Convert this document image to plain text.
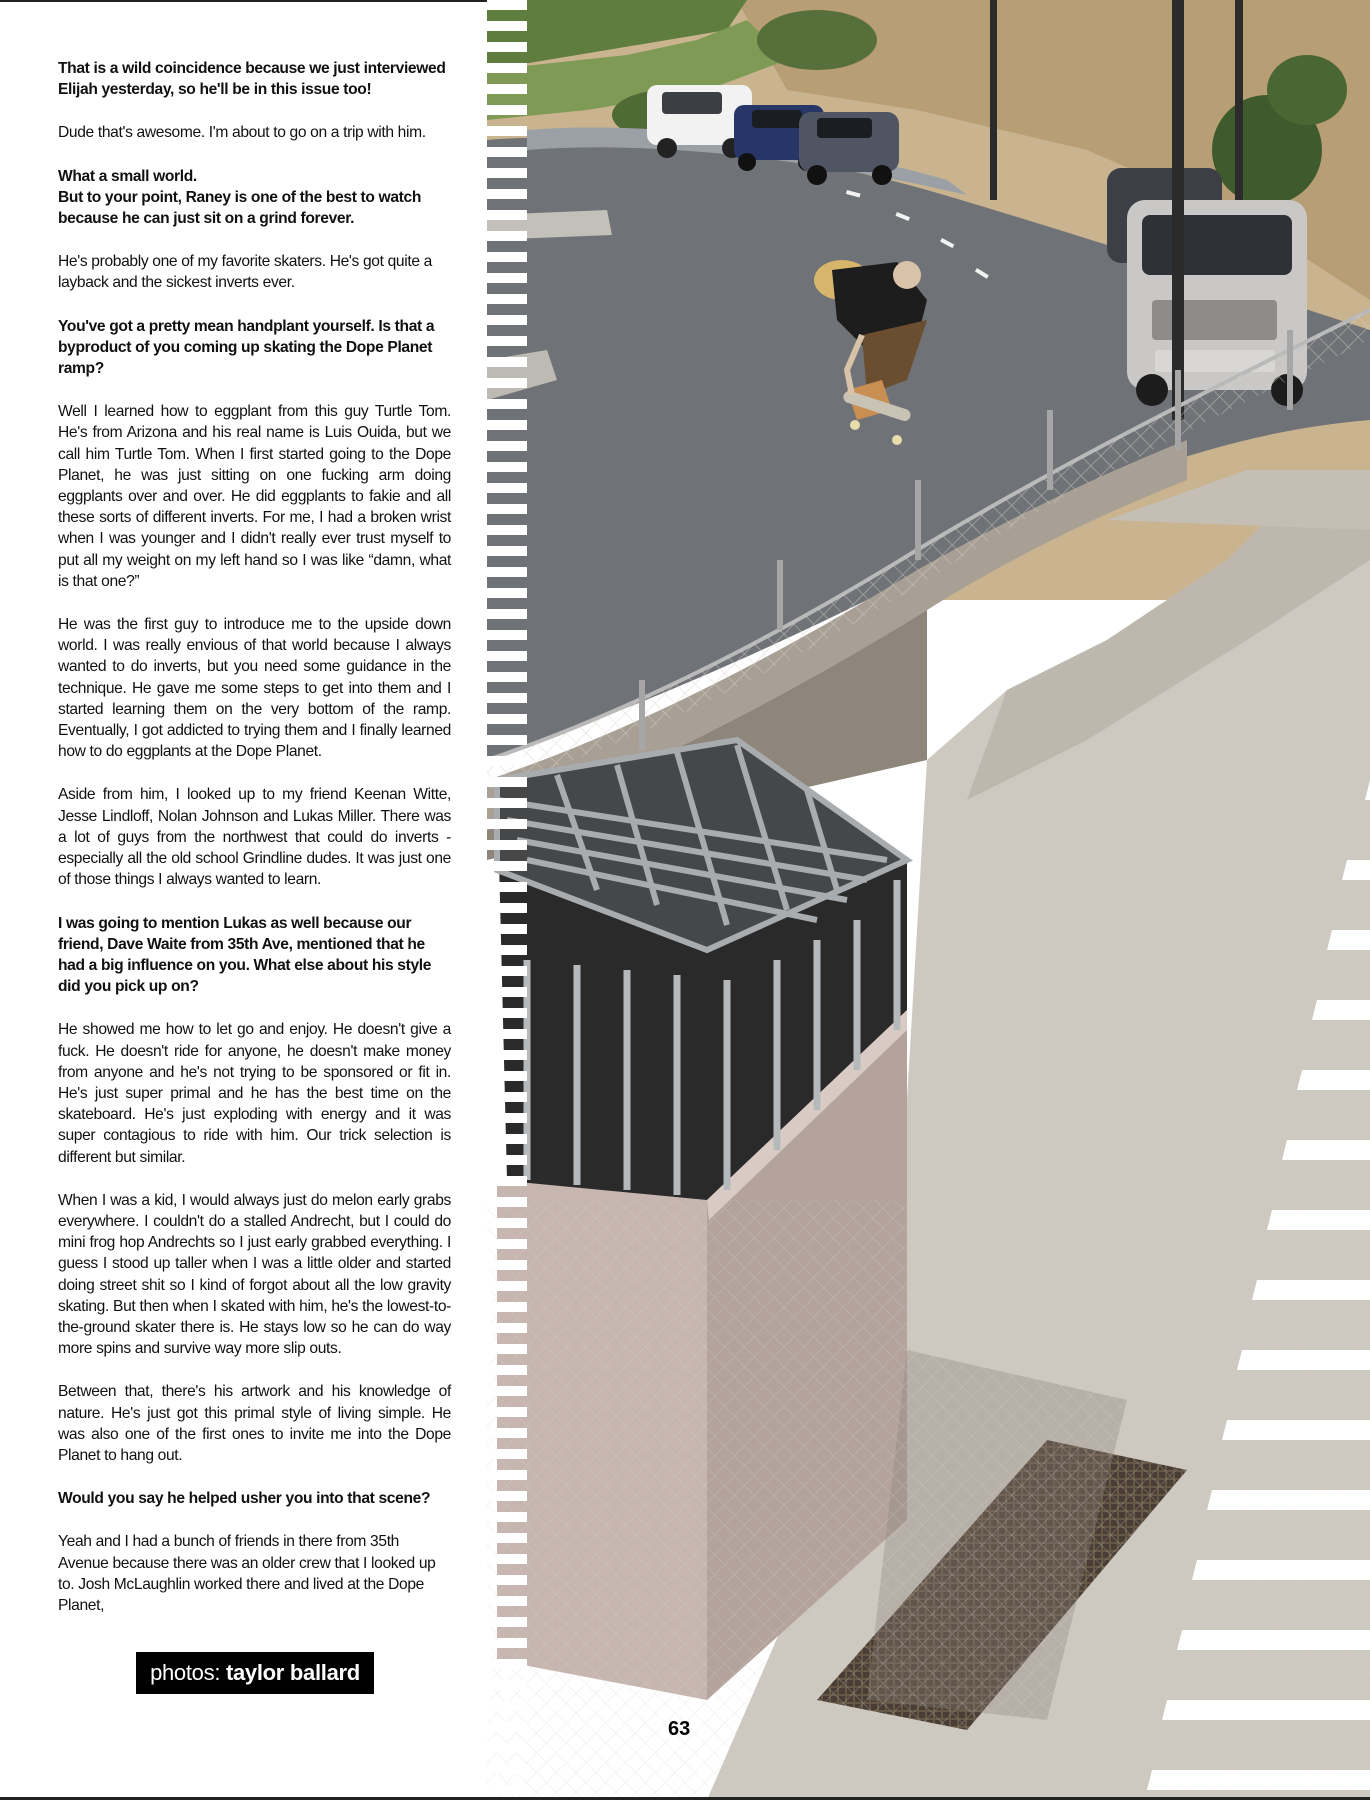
That is a wild coincidence because we just interviewed Elijah yesterday, so he'll be in this issue too!

Dude that's awesome. I'm about to go on a trip with him.

What a small world.
But to your point, Raney is one of the best to watch because he can just sit on a grind forever.

He's probably one of my favorite skaters. He's got quite a layback and the sickest inverts ever.

You've got a pretty mean handplant yourself. Is that a byproduct of you coming up skating the Dope Planet ramp?

Well I learned how to eggplant from this guy Turtle Tom. He's from Arizona and his real name is Luis Ouida, but we call him Turtle Tom. When I first started going to the Dope Planet, he was just sitting on one fucking arm doing eggplants over and over. He did eggplants to fakie and all these sorts of different inverts. For me, I had a broken wrist when I was younger and I didn't really ever trust myself to put all my weight on my left hand so I was like “damn, what is that one?”

He was the first guy to introduce me to the upside down world. I was really envious of that world because I always wanted to do inverts, but you need some guidance in the technique. He gave me some steps to get into them and I started learning them on the very bottom of the ramp. Eventually, I got addicted to trying them and I finally learned how to do eggplants at the Dope Planet.

Aside from him, I looked up to my friend Keenan Witte, Jesse Lindloff, Nolan Johnson and Lukas Miller. There was a lot of guys from the northwest that could do inverts - especially all the old school Grindline dudes. It was just one of those things I always wanted to learn.

I was going to mention Lukas as well because our friend, Dave Waite from 35th Ave, mentioned that he had a big influence on you. What else about his style did you pick up on?

He showed me how to let go and enjoy. He doesn't give a fuck. He doesn't ride for anyone, he doesn't make money from anyone and he's not trying to be sponsored or fit in. He's just super primal and he has the best time on the skateboard. He's just exploding with energy and it was super contagious to ride with him. Our trick selection is different but similar.

When I was a kid, I would always just do melon early grabs everywhere. I couldn't do a stalled Andrecht, but I could do mini frog hop Andrechts so I just early grabbed everything. I guess I stood up taller when I was a little older and started doing street shit so I kind of forgot about all the low gravity skating. But then when I skated with him, he's the lowest-to-the-ground skater there is. He stays low so he can do way more spins and survive way more slip outs.

Between that, there's his artwork and his knowledge of nature. He's just got this primal style of living simple. He was also one of the first ones to invite me into the Dope Planet to hang out.

Would you say he helped usher you into that scene?

Yeah and I had a bunch of friends in there from 35th Avenue because there was an older crew that I looked up to. Josh McLaughlin worked there and lived at the Dope Planet,

photos: taylor ballard
63
